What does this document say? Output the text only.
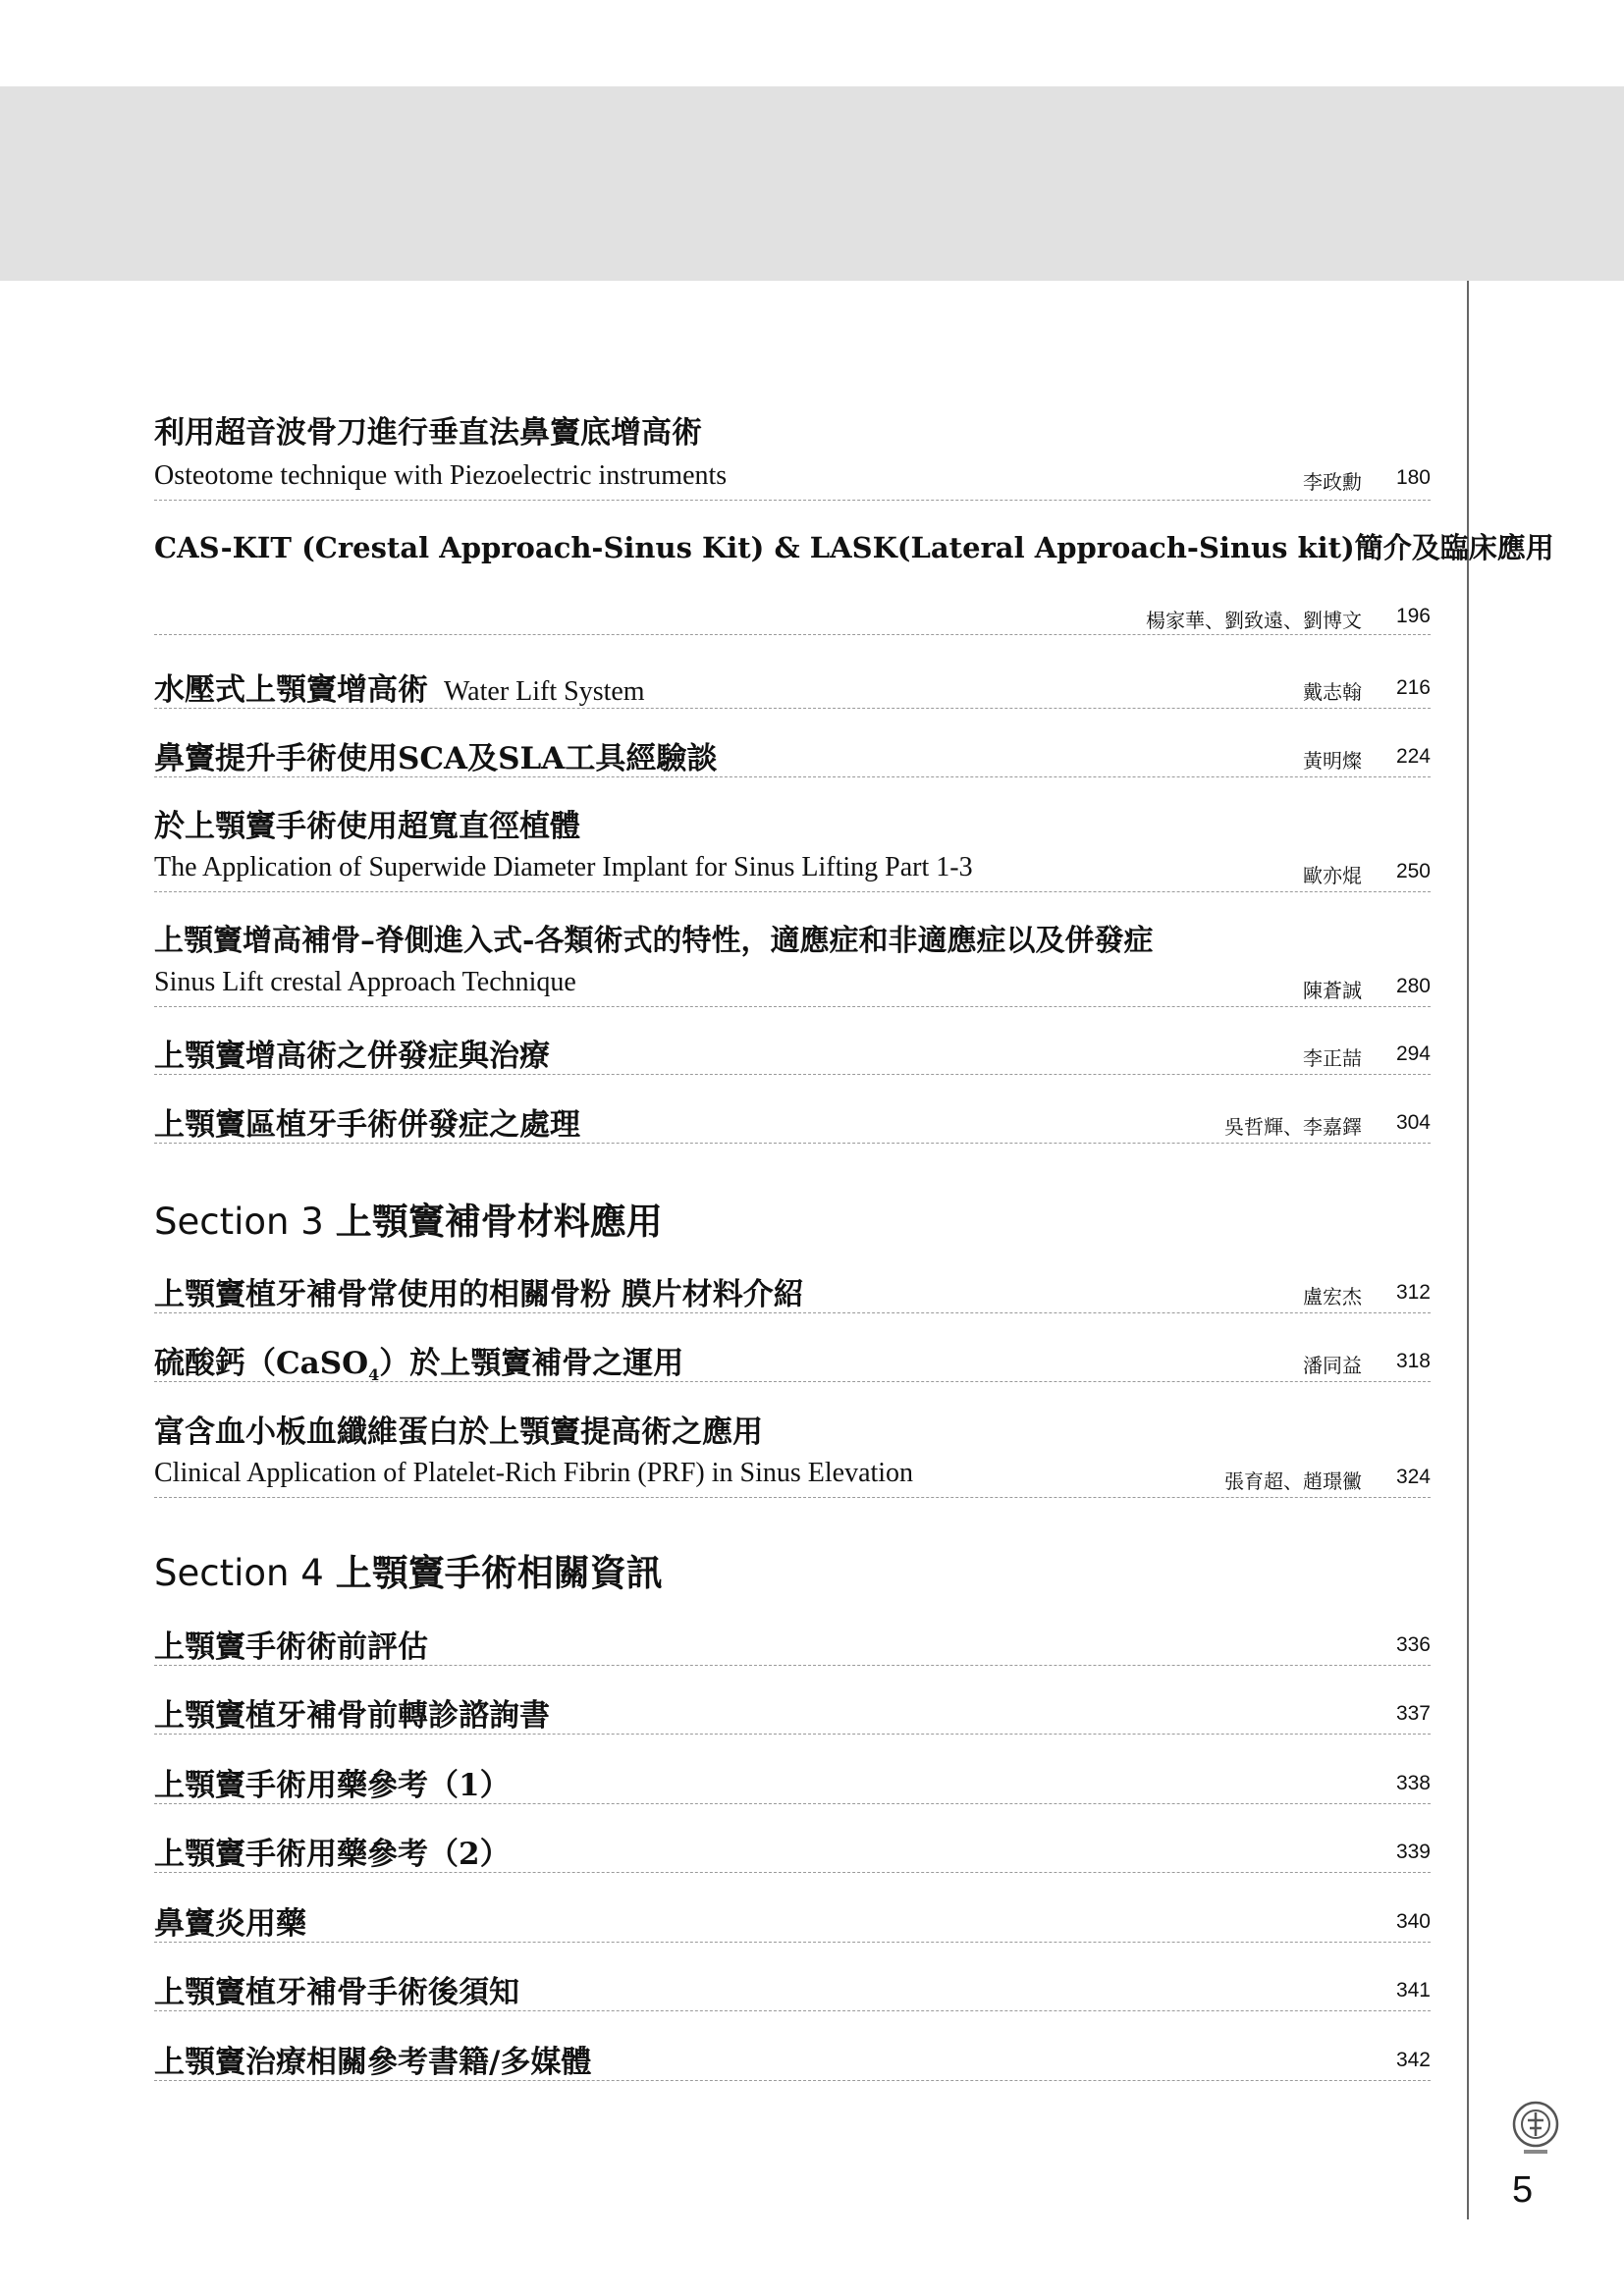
利用超音波骨刀進行垂直法鼻竇底增高術
Osteotome technique with Piezoelectric instruments	李政勳	180
CAS-KIT (Crestal Approach-Sinus Kit) & LASK(Lateral Approach-Sinus kit)簡介及臨床應用
楊家華、劉致遠、劉博文	196
水壓式上顎竇增高術 Water Lift System	戴志翰	216
鼻竇提升手術使用SCA及SLA工具經驗談	黃明燦	224
於上顎竇手術使用超寬直徑植體
The Application of Superwide Diameter Implant for Sinus Lifting Part 1-3	歐亦焜	250
上顎竇增高補骨–脊側進入式-各類術式的特性，適應症和非適應症以及併發症
Sinus Lift crestal Approach Technique	陳蒼誠	280
上顎竇增高術之併發症與治療	李正喆	294
上顎竇區植牙手術併發症之處理	吳哲輝、李嘉鐸	304
Section 3 上顎竇補骨材料應用
上顎竇植牙補骨常使用的相關骨粉 膜片材料介紹	盧宏杰	312
硫酸鈣（CaSO$_4$）於上顎竇補骨之運用	潘同益	318
富含血小板血纖維蛋白於上顎竇提高術之應用
Clinical Application of Platelet-Rich Fibrin (PRF) in Sinus Elevation	張育超、趙璟黴	324
Section 4 上顎竇手術相關資訊
上顎竇手術術前評估	336
上顎竇植牙補骨前轉診諮詢書	337
上顎竇手術用藥參考（1）	338
上顎竇手術用藥參考（2）	339
鼻竇炎用藥	340
上顎竇植牙補骨手術後須知	341
上顎竇治療相關參考書籍/多媒體	342
5
